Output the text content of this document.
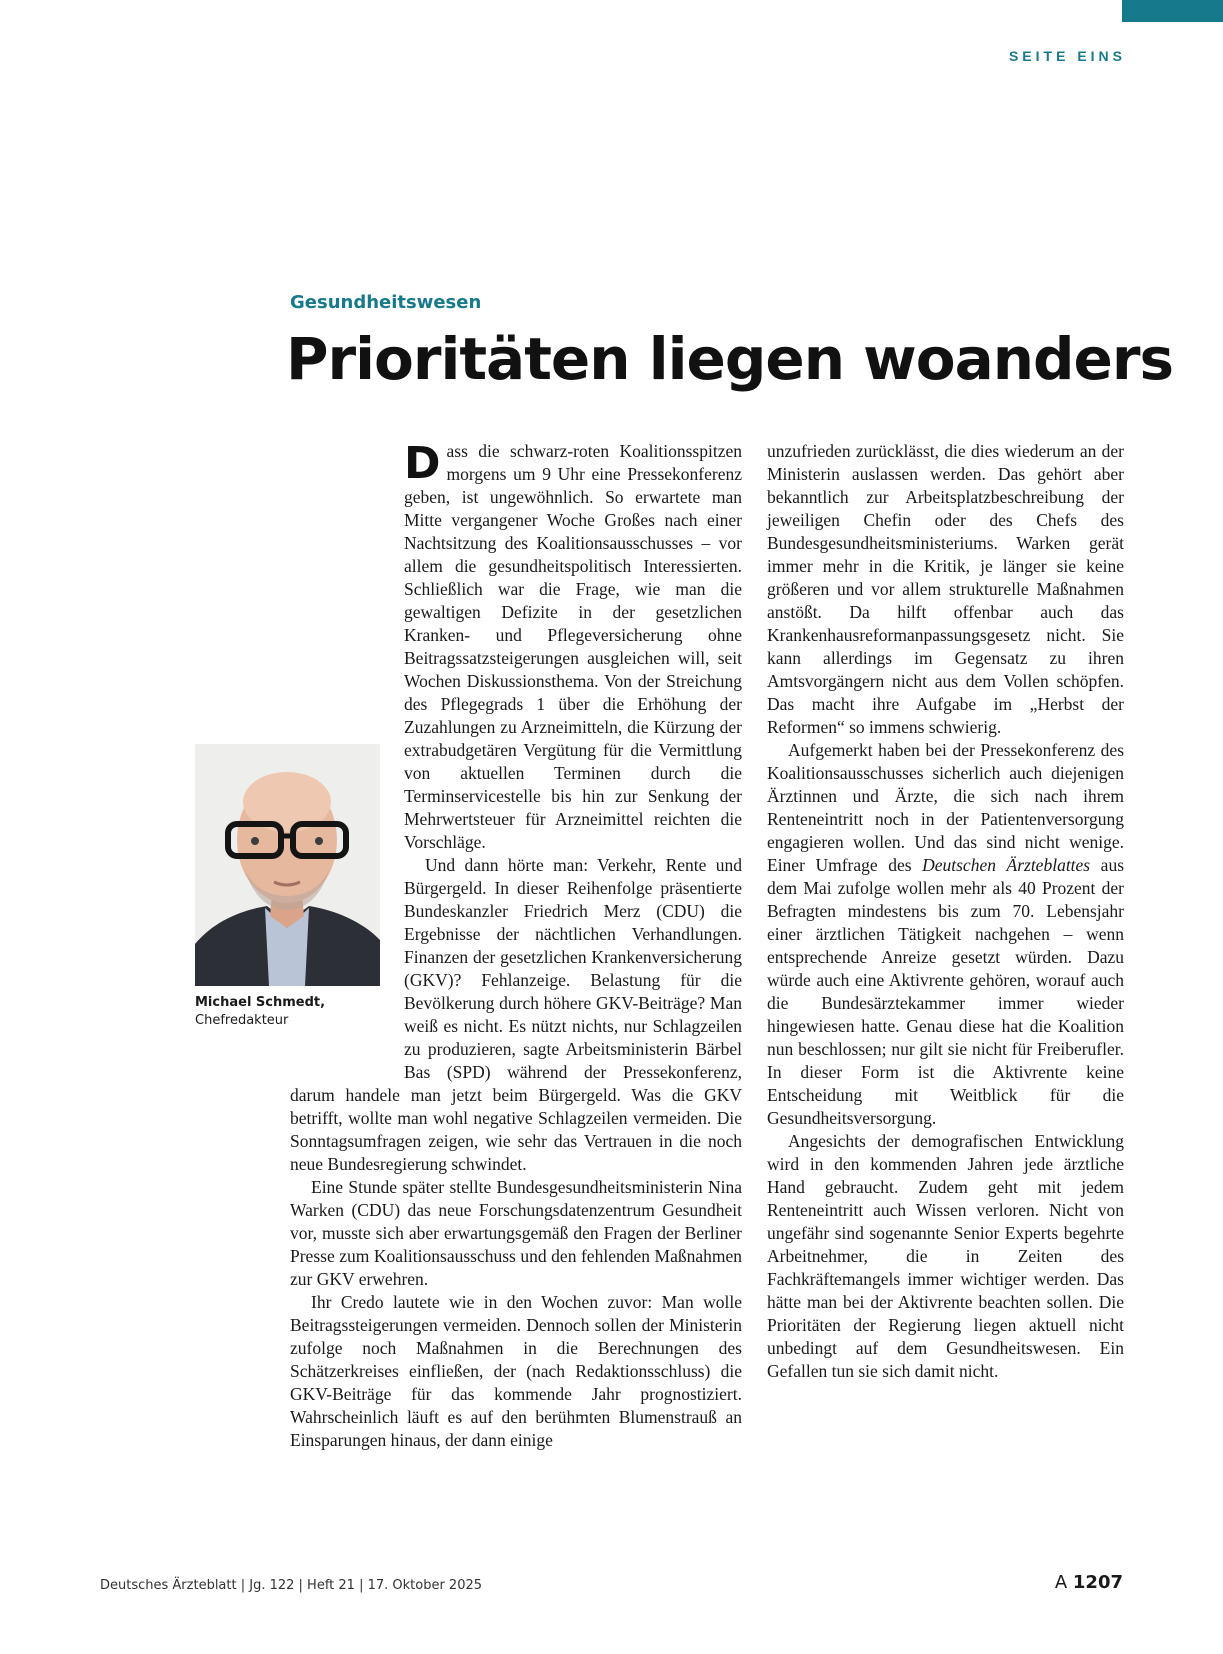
SEITE EINS
Gesundheitswesen
Prioritäten liegen woanders

Dass die schwarz-roten Koalitionsspitzen morgens um 9 Uhr eine Pressekonferenz geben, ist ungewöhnlich. So erwartete man Mitte vergangener Woche Großes nach einer Nachtsitzung des Koalitionsausschusses – vor allem die gesundheitspolitisch Interessierten. Schließlich war die Frage, wie man die gewaltigen Defizite in der gesetzlichen Kranken- und Pflegeversicherung ohne Beitragssatzsteigerungen ausgleichen will, seit Wochen Diskussionsthema. Von der Streichung des Pflegegrads 1 über die Erhöhung der Zuzahlungen zu Arzneimitteln, die Kürzung der extrabudgetären Vergütung für die Vermittlung von aktuellen Terminen durch die Terminservicestelle bis hin zur Senkung der Mehrwertsteuer für Arzneimittel reichten die Vorschläge.

Und dann hörte man: Verkehr, Rente und Bürgergeld. In dieser Reihenfolge präsentierte Bundeskanzler Friedrich Merz (CDU) die Ergebnisse der nächtlichen Verhandlungen. Finanzen der gesetzlichen Krankenversicherung (GKV)? Fehlanzeige. Belastung für die Bevölkerung durch höhere GKV-Beiträge? Man weiß es nicht. Es nützt nichts, nur Schlagzeilen zu produzieren, sagte Arbeitsministerin Bärbel Bas (SPD) während der Pressekonferenz, darum handele man jetzt beim Bürgergeld. Was die GKV betrifft, wollte man wohl negative Schlagzeilen vermeiden. Die Sonntagsumfragen zeigen, wie sehr das Vertrauen in die noch neue Bundesregierung schwindet.

Eine Stunde später stellte Bundesgesundheitsministerin Nina Warken (CDU) das neue Forschungsdatenzentrum Gesundheit vor, musste sich aber erwartungsgemäß den Fragen der Berliner Presse zum Koalitionsausschuss und den fehlenden Maßnahmen zur GKV erwehren.

Ihr Credo lautete wie in den Wochen zuvor: Man wolle Beitragssteigerungen vermeiden. Dennoch sollen der Ministerin zufolge noch Maßnahmen in die Berechnungen des Schätzerkreises einfließen, der (nach Redaktionsschluss) die GKV-Beiträge für das kommende Jahr prognostiziert. Wahrscheinlich läuft es auf den berühmten Blumenstrauß an Einsparungen hinaus, der dann einige

unzufrieden zurücklässt, die dies wiederum an der Ministerin auslassen werden. Das gehört aber bekanntlich zur Arbeitsplatzbeschreibung der jeweiligen Chefin oder des Chefs des Bundesgesundheitsministeriums. Warken gerät immer mehr in die Kritik, je länger sie keine größeren und vor allem strukturelle Maßnahmen anstößt. Da hilft offenbar auch das Krankenhausreformanpassungsgesetz nicht. Sie kann allerdings im Gegensatz zu ihren Amtsvorgängern nicht aus dem Vollen schöpfen. Das macht ihre Aufgabe im „Herbst der Reformen“ so immens schwierig.

Aufgemerkt haben bei der Pressekonferenz des Koalitionsausschusses sicherlich auch diejenigen Ärztinnen und Ärzte, die sich nach ihrem Renteneintritt noch in der Patientenversorgung engagieren wollen. Und das sind nicht wenige. Einer Umfrage des Deutschen Ärzteblattes aus dem Mai zufolge wollen mehr als 40 Prozent der Befragten mindestens bis zum 70. Lebensjahr einer ärztlichen Tätigkeit nachgehen – wenn entsprechende Anreize gesetzt würden. Dazu würde auch eine Aktivrente gehören, worauf auch die Bundesärztekammer immer wieder hingewiesen hatte. Genau diese hat die Koalition nun beschlossen; nur gilt sie nicht für Freiberufler. In dieser Form ist die Aktivrente keine Entscheidung mit Weitblick für die Gesundheitsversorgung.

Angesichts der demografischen Entwicklung wird in den kommenden Jahren jede ärztliche Hand gebraucht. Zudem geht mit jedem Renteneintritt auch Wissen verloren. Nicht von ungefähr sind sogenannte Senior Experts begehrte Arbeitnehmer, die in Zeiten des Fachkräftemangels immer wichtiger werden. Das hätte man bei der Aktivrente beachten sollen. Die Prioritäten der Regierung liegen aktuell nicht unbedingt auf dem Gesundheitswesen. Ein Gefallen tun sie sich damit nicht.

Michael Schmedt,
Chefredakteur
Deutsches Ärzteblatt | Jg. 122 | Heft 21 | 17. Oktober 2025	A 1207
